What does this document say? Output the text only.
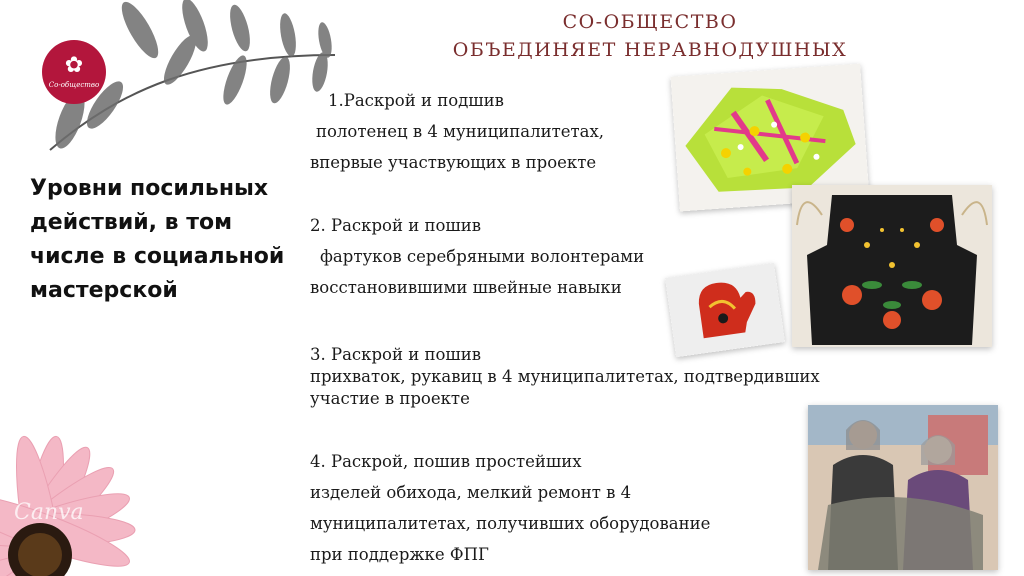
✿
Со-общество
СО-ОБЩЕСТВО
ОБЪЕДИНЯЕТ НЕРАВНОДУШНЫХ
Уровни посильных
действий, в том
числе в социальной
мастерской
1.Раскрой и подшив
полотенец в 4 муниципалитетах,
впервые участвующих в проекте
2. Раскрой и пошив
фартуков серебряными волонтерами
восстановившими швейные навыки
3. Раскрой и пошив
прихваток, рукавиц в 4 муниципалитетах, подтвердивших
участие в проекте
4. Раскрой, пошив простейших
изделей обихода, мелкий ремонт в 4
муниципалитетах, получивших оборудование
при поддержке ФПГ
Canva
